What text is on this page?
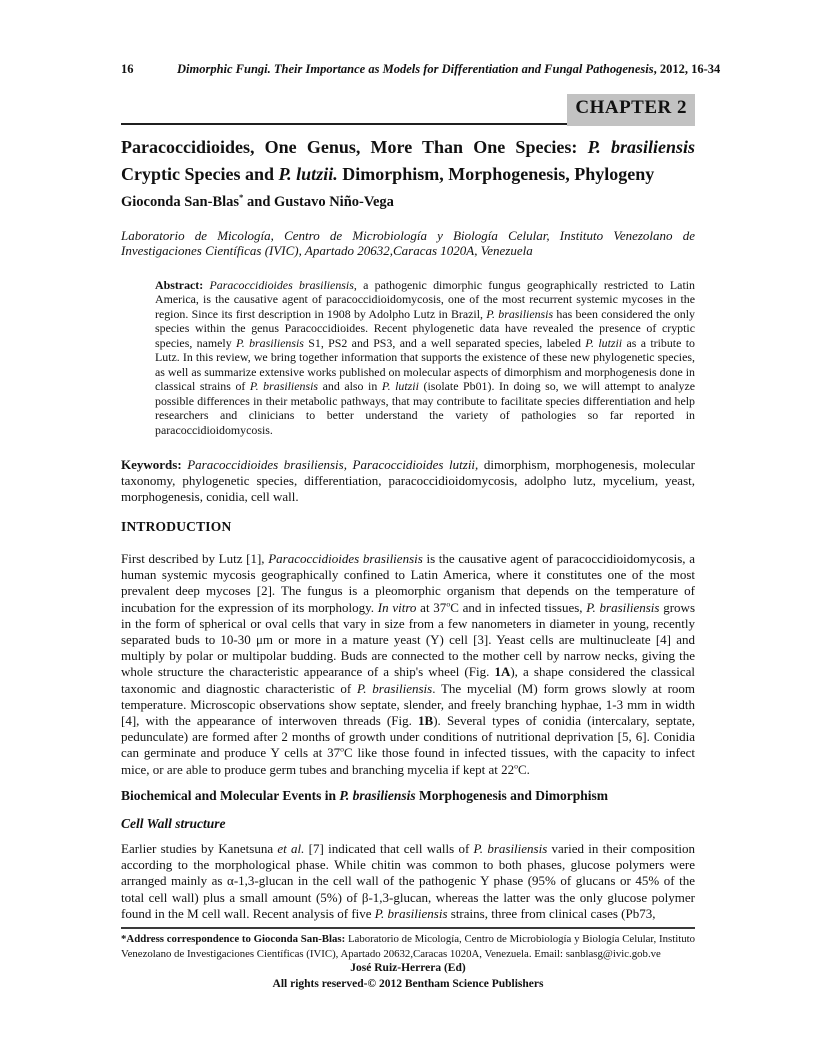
16	Dimorphic Fungi. Their Importance as Models for Differentiation and Fungal Pathogenesis, 2012, 16-34
CHAPTER 2
Paracoccidioides, One Genus, More Than One Species: P. brasiliensis Cryptic Species and P. lutzii. Dimorphism, Morphogenesis, Phylogeny
Gioconda San-Blas* and Gustavo Niño-Vega
Laboratorio de Micología, Centro de Microbiología y Biología Celular, Instituto Venezolano de Investigaciones Científicas (IVIC), Apartado 20632,Caracas 1020A, Venezuela
Abstract: Paracoccidioides brasiliensis, a pathogenic dimorphic fungus geographically restricted to Latin America, is the causative agent of paracoccidioidomycosis, one of the most recurrent systemic mycoses in the region. Since its first description in 1908 by Adolpho Lutz in Brazil, P. brasiliensis has been considered the only species within the genus Paracoccidioides. Recent phylogenetic data have revealed the presence of cryptic species, namely P. brasiliensis S1, PS2 and PS3, and a well separated species, labeled P. lutzii as a tribute to Lutz. In this review, we bring together information that supports the existence of these new phylogenetic species, as well as summarize extensive works published on molecular aspects of dimorphism and morphogenesis done in classical strains of P. brasiliensis and also in P. lutzii (isolate Pb01). In doing so, we will attempt to analyze possible differences in their metabolic pathways, that may contribute to facilitate species differentiation and help researchers and clinicians to better understand the variety of pathologies so far reported in paracoccidioidomycosis.
Keywords: Paracoccidioides brasiliensis, Paracoccidioides lutzii, dimorphism, morphogenesis, molecular taxonomy, phylogenetic species, differentiation, paracoccidioidomycosis, adolpho lutz, mycelium, yeast, morphogenesis, conidia, cell wall.
INTRODUCTION
First described by Lutz [1], Paracoccidioides brasiliensis is the causative agent of paracoccidioidomycosis, a human systemic mycosis geographically confined to Latin America, where it constitutes one of the most prevalent deep mycoses [2]. The fungus is a pleomorphic organism that depends on the temperature of incubation for the expression of its morphology. In vitro at 37$^o$C and in infected tissues, P. brasiliensis grows in the form of spherical or oval cells that vary in size from a few nanometers in diameter in young, recently separated buds to 10-30 μm or more in a mature yeast (Y) cell [3]. Yeast cells are multinucleate [4] and multiply by polar or multipolar budding. Buds are connected to the mother cell by narrow necks, giving the whole structure the characteristic appearance of a ship's wheel (Fig. 1A), a shape considered the classical taxonomic and diagnostic characteristic of P. brasiliensis. The mycelial (M) form grows slowly at room temperature. Microscopic observations show septate, slender, and freely branching hyphae, 1-3 mm in width [4], with the appearance of interwoven threads (Fig. 1B). Several types of conidia (intercalary, septate, pedunculate) are formed after 2 months of growth under conditions of nutritional deprivation [5, 6]. Conidia can germinate and produce Y cells at 37$^o$C like those found in infected tissues, with the capacity to infect mice, or are able to produce germ tubes and branching mycelia if kept at 22$^o$C.
Biochemical and Molecular Events in P. brasiliensis Morphogenesis and Dimorphism
Cell Wall structure
Earlier studies by Kanetsuna et al. [7] indicated that cell walls of P. brasiliensis varied in their composition according to the morphological phase. While chitin was common to both phases, glucose polymers were arranged mainly as α-1,3-glucan in the cell wall of the pathogenic Y phase (95% of glucans or 45% of the total cell wall) plus a small amount (5%) of β-1,3-glucan, whereas the latter was the only glucose polymer found in the M cell wall. Recent analysis of five P. brasiliensis strains, three from clinical cases (Pb73,
*Address correspondence to Gioconda San-Blas: Laboratorio de Micología, Centro de Microbiología y Biología Celular, Instituto Venezolano de Investigaciones Científicas (IVIC), Apartado 20632,Caracas 1020A, Venezuela. Email: sanblasg@ivic.gob.ve
José Ruiz-Herrera (Ed)
All rights reserved-© 2012 Bentham Science Publishers
